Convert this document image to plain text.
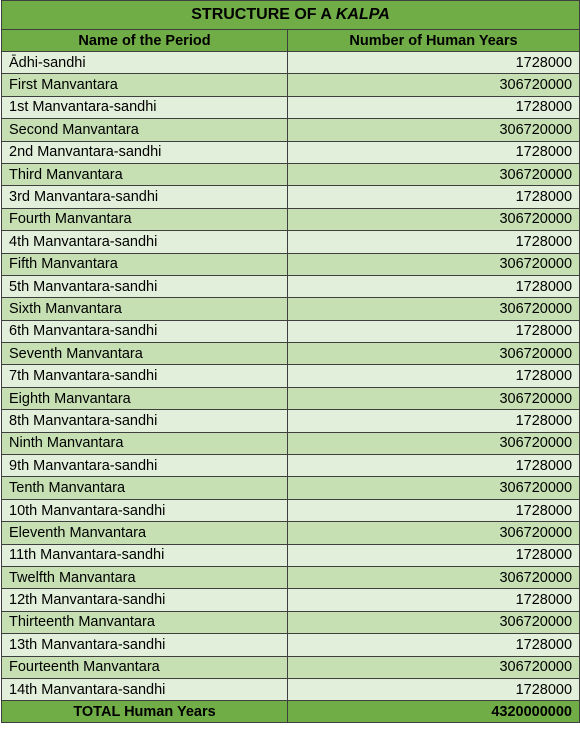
STRUCTURE OF A KALPA	
Name of the Period	Number of Human Years
Ādhi-sandhi	1728000
First Manvantara	306720000
1st Manvantara-sandhi	1728000
Second Manvantara	306720000
2nd Manvantara-sandhi	1728000
Third Manvantara	306720000
3rd Manvantara-sandhi	1728000
Fourth Manvantara	306720000
4th Manvantara-sandhi	1728000
Fifth Manvantara	306720000
5th Manvantara-sandhi	1728000
Sixth Manvantara	306720000
6th Manvantara-sandhi	1728000
Seventh Manvantara	306720000
7th Manvantara-sandhi	1728000
Eighth Manvantara	306720000
8th Manvantara-sandhi	1728000
Ninth Manvantara	306720000
9th Manvantara-sandhi	1728000
Tenth Manvantara	306720000
10th Manvantara-sandhi	1728000
Eleventh Manvantara	306720000
11th Manvantara-sandhi	1728000
Twelfth Manvantara	306720000
12th Manvantara-sandhi	1728000
Thirteenth Manvantara	306720000
13th Manvantara-sandhi	1728000
Fourteenth Manvantara	306720000
14th Manvantara-sandhi	1728000
TOTAL Human Years	4320000000
